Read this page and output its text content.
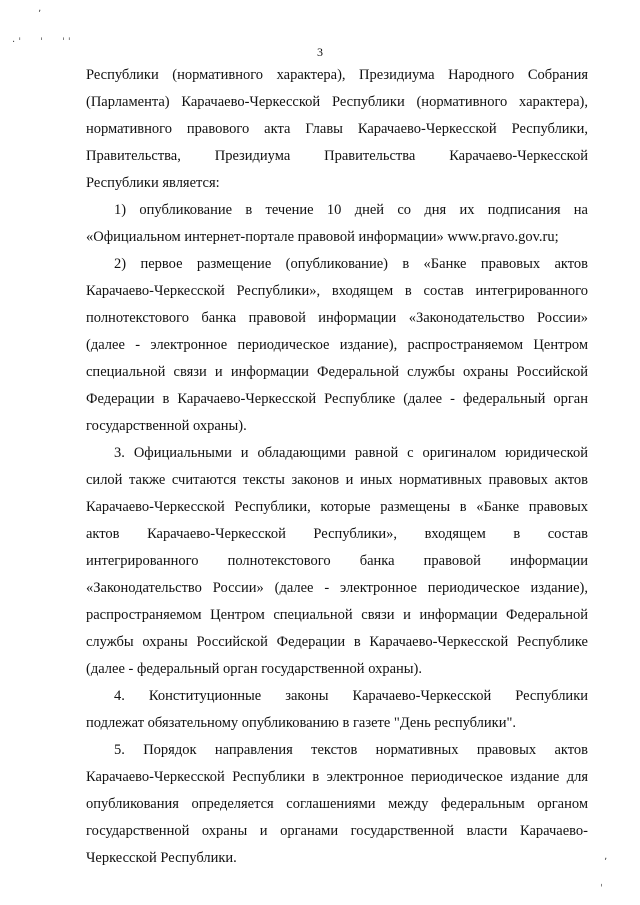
ʼ
· ˈ ˈ ˈ ˈ
ʼ
ˌ
3

Республики (нормативного характера), Президиума Народного Собрания
(Парламента) Карачаево-Черкесской Республики (нормативного характера),
нормативного правового акта Главы Карачаево-Черкесской Республики,
Правительства, Президиума Правительства Карачаево-Черкесской
Республики является:

1) опубликование в течение 10 дней со дня их подписания на
«Официальном интернет-портале правовой информации» www.pravo.gov.ru;

2) первое размещение (опубликование) в «Банке правовых актов
Карачаево-Черкесской Республики», входящем в состав интегрированного
полнотекстового банка правовой информации «Законодательство России»
(далее - электронное периодическое издание), распространяемом Центром
специальной связи и информации Федеральной службы охраны Российской
Федерации в Карачаево-Черкесской Республике (далее - федеральный орган
государственной охраны).

3. Официальными и обладающими равной с оригиналом юридической
силой также считаются тексты законов и иных нормативных правовых актов
Карачаево-Черкесской Республики, которые размещены в «Банке правовых
актов Карачаево-Черкесской Республики», входящем в состав
интегрированного полнотекстового банка правовой информации
«Законодательство России» (далее - электронное периодическое издание),
распространяемом Центром специальной связи и информации Федеральной
службы охраны Российской Федерации в Карачаево-Черкесской Республике
(далее - федеральный орган государственной охраны).

4. Конституционные законы Карачаево-Черкесской Республики
подлежат обязательному опубликованию в газете "День республики".

5. Порядок направления текстов нормативных правовых актов
Карачаево-Черкесской Республики в электронное периодическое издание для
опубликования определяется соглашениями между федеральным органом
государственной охраны и органами государственной власти Карачаево-
Черкесской Республики.
